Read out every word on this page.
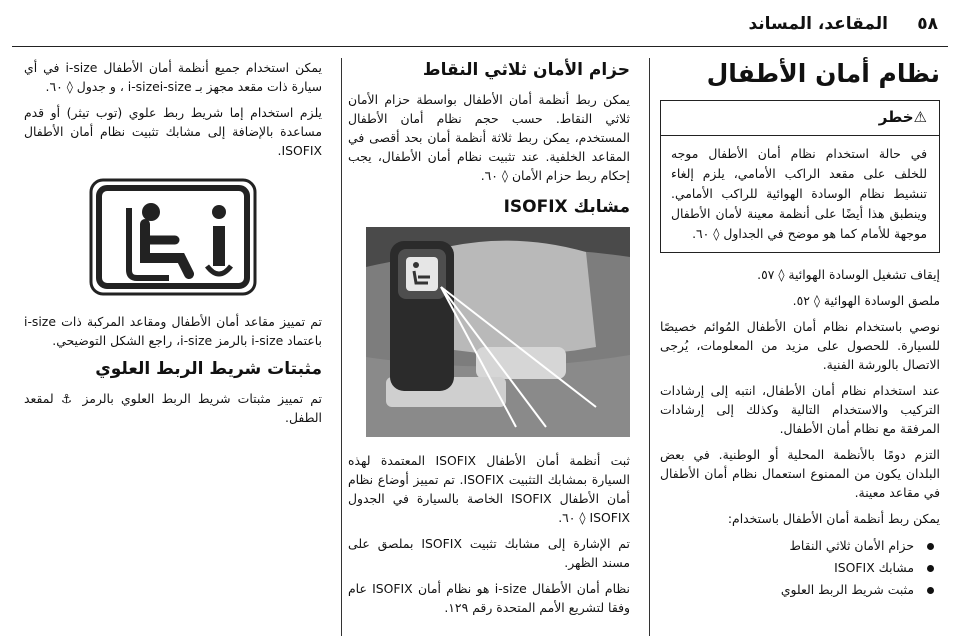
٥٨
المقاعد، المساند
نظام أمان الأطفال
⚠خطر
في حالة استخدام نظام أمان الأطفال موجه للخلف على مقعد الراكب الأمامي، يلزم إلغاء تنشيط نظام الوسادة الهوائية للراكب الأمامي. وينطبق هذا أيضًا على أنظمة معينة لأمان الأطفال موجهة للأمام كما هو موضح في الجداول ◊ ٦٠.

إيقاف تشغيل الوسادة الهوائية ◊ ٥٧.

ملصق الوسادة الهوائية ◊ ٥٢.

نوصي باستخدام نظام أمان الأطفال المُوائم خصيصًا للسيارة. للحصول على مزيد من المعلومات، يُرجى الاتصال بالورشة الفنية.

عند استخدام نظام أمان الأطفال، انتبه إلى إرشادات التركيب والاستخدام التالية وكذلك إلى إرشادات المرفقة مع نظام أمان الأطفال.

التزم دومًا بالأنظمة المحلية أو الوطنية. في بعض البلدان يكون من الممنوع استعمال نظام أمان الأطفال في مقاعد معينة.

يمكن ربط أنظمة أمان الأطفال باستخدام:

حزام الأمان ثلاثي النقاط
مشابك ISOFIX
مثبت شريط الربط العلوي
حزام الأمان ثلاثي النقاط

يمكن ربط أنظمة أمان الأطفال بواسطة حزام الأمان ثلاثي النقاط. حسب حجم نظام أمان الأطفال المستخدم، يمكن ربط ثلاثة أنظمة أمان بحد أقصى في المقاعد الخلفية. عند تثبيت نظام أمان الأطفال، يجب إحكام ربط حزام الأمان ◊ ٦٠.

مشابك ISOFIX

ثبت أنظمة أمان الأطفال ISOFIX المعتمدة لهذه السيارة بمشابك التثبيت ISOFIX. تم تمييز أوضاع نظام أمان الأطفال ISOFIX الخاصة بالسيارة في الجدول ISOFIX ◊ ٦٠.

تم الإشارة إلى مشابك تثبيت ISOFIX بملصق على مسند الظهر.

نظام أمان الأطفال i-size هو نظام أمان ISOFIX عام وفقا لتشريع الأمم المتحدة رقم ١٢٩.

يمكن استخدام جميع أنظمة أمان الأطفال i-size في أي سيارة ذات مقعد مجهز بـ i-sizei-size ، و جدول ◊ ٦٠.

يلزم استخدام إما شريط ربط علوي (توب تيثر) أو قدم مساعدة بالإضافة إلى مشابك تثبيت نظام أمان الأطفال ISOFIX.

تم تمييز مقاعد أمان الأطفال ومقاعد المركبة ذات i-size باعتماد i-size بالرمز i-size، راجع الشكل التوضيحي.

مثبتات شريط الربط العلوي

تم تمييز مثبتات شريط الربط العلوي بالرمز ⚓ لمقعد الطفل.
